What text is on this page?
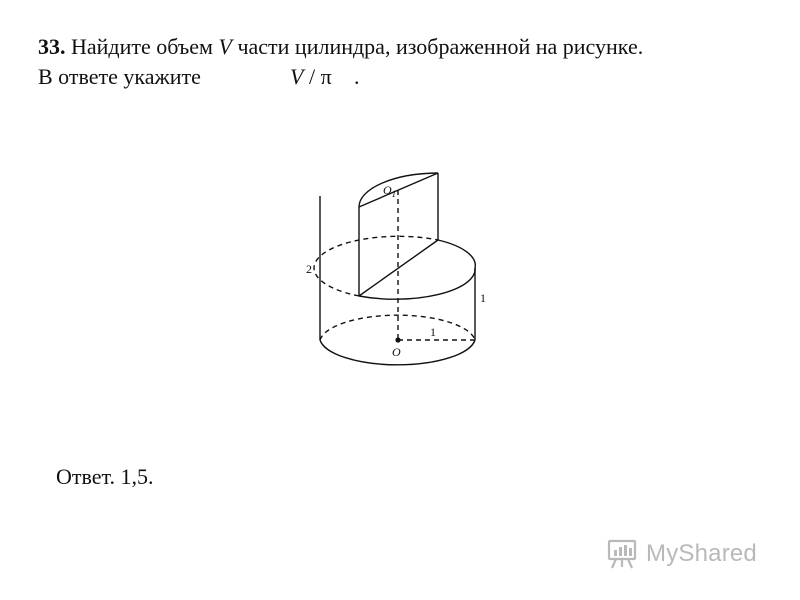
33. Найдите объем V части цилиндра, изображенной на рисунке.
В ответе укажите	V / π .
$O_1$
2
1
1
O
Ответ. 1,5.
MyShared
